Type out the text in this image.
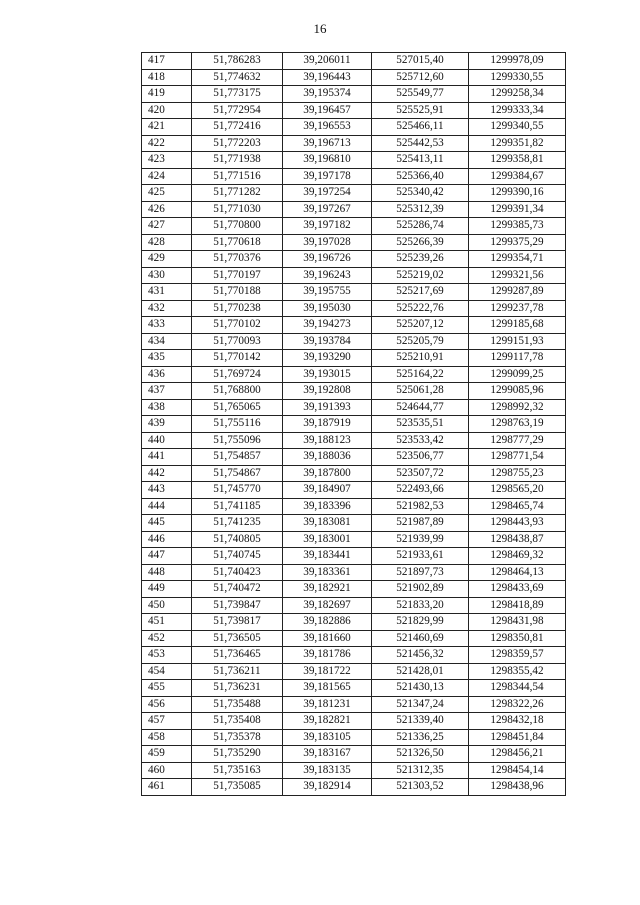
16
417	51,786283	39,206011	527015,40	1299978,09
418	51,774632	39,196443	525712,60	1299330,55
419	51,773175	39,195374	525549,77	1299258,34
420	51,772954	39,196457	525525,91	1299333,34
421	51,772416	39,196553	525466,11	1299340,55
422	51,772203	39,196713	525442,53	1299351,82
423	51,771938	39,196810	525413,11	1299358,81
424	51,771516	39,197178	525366,40	1299384,67
425	51,771282	39,197254	525340,42	1299390,16
426	51,771030	39,197267	525312,39	1299391,34
427	51,770800	39,197182	525286,74	1299385,73
428	51,770618	39,197028	525266,39	1299375,29
429	51,770376	39,196726	525239,26	1299354,71
430	51,770197	39,196243	525219,02	1299321,56
431	51,770188	39,195755	525217,69	1299287,89
432	51,770238	39,195030	525222,76	1299237,78
433	51,770102	39,194273	525207,12	1299185,68
434	51,770093	39,193784	525205,79	1299151,93
435	51,770142	39,193290	525210,91	1299117,78
436	51,769724	39,193015	525164,22	1299099,25
437	51,768800	39,192808	525061,28	1299085,96
438	51,765065	39,191393	524644,77	1298992,32
439	51,755116	39,187919	523535,51	1298763,19
440	51,755096	39,188123	523533,42	1298777,29
441	51,754857	39,188036	523506,77	1298771,54
442	51,754867	39,187800	523507,72	1298755,23
443	51,745770	39,184907	522493,66	1298565,20
444	51,741185	39,183396	521982,53	1298465,74
445	51,741235	39,183081	521987,89	1298443,93
446	51,740805	39,183001	521939,99	1298438,87
447	51,740745	39,183441	521933,61	1298469,32
448	51,740423	39,183361	521897,73	1298464,13
449	51,740472	39,182921	521902,89	1298433,69
450	51,739847	39,182697	521833,20	1298418,89
451	51,739817	39,182886	521829,99	1298431,98
452	51,736505	39,181660	521460,69	1298350,81
453	51,736465	39,181786	521456,32	1298359,57
454	51,736211	39,181722	521428,01	1298355,42
455	51,736231	39,181565	521430,13	1298344,54
456	51,735488	39,181231	521347,24	1298322,26
457	51,735408	39,182821	521339,40	1298432,18
458	51,735378	39,183105	521336,25	1298451,84
459	51,735290	39,183167	521326,50	1298456,21
460	51,735163	39,183135	521312,35	1298454,14
461	51,735085	39,182914	521303,52	1298438,96
